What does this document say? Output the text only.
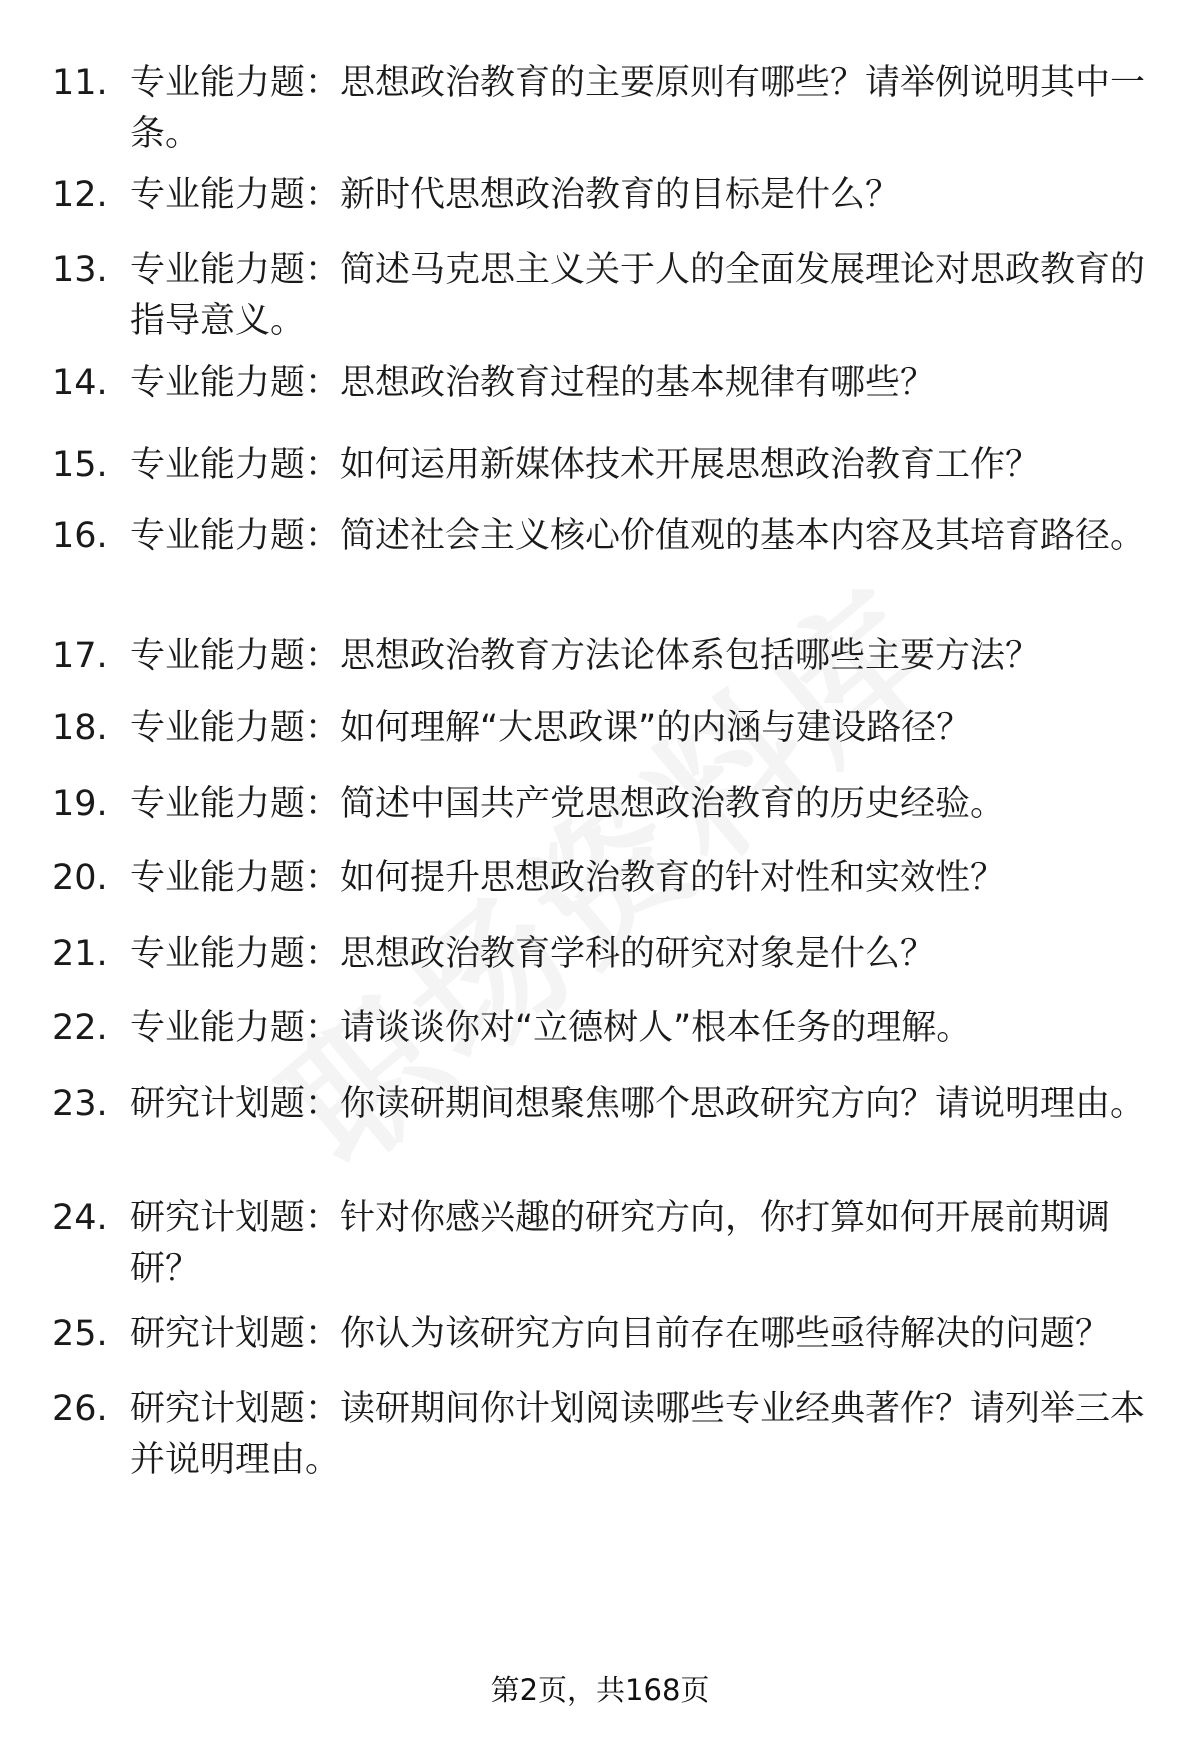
11. 专业能力题：思想政治教育的主要原则有哪些？请举例说明其中一条。
12. 专业能力题：新时代思想政治教育的目标是什么？
13. 专业能力题：简述马克思主义关于人的全面发展理论对思政教育的指导意义。
14. 专业能力题：思想政治教育过程的基本规律有哪些？
15. 专业能力题：如何运用新媒体技术开展思想政治教育工作？
16. 专业能力题：简述社会主义核心价值观的基本内容及其培育路径。
17. 专业能力题：思想政治教育方法论体系包括哪些主要方法？
18. 专业能力题：如何理解“大思政课”的内涵与建设路径？
19. 专业能力题：简述中国共产党思想政治教育的历史经验。
20. 专业能力题：如何提升思想政治教育的针对性和实效性？
21. 专业能力题：思想政治教育学科的研究对象是什么？
22. 专业能力题：请谈谈你对“立德树人”根本任务的理解。
23. 研究计划题：你读研期间想聚焦哪个思政研究方向？请说明理由。
24. 研究计划题：针对你感兴趣的研究方向，你打算如何开展前期调研？
25. 研究计划题：你认为该研究方向目前存在哪些亟待解决的问题？
26. 研究计划题：读研期间你计划阅读哪些专业经典著作？请列举三本并说明理由。
第2页，共168页
